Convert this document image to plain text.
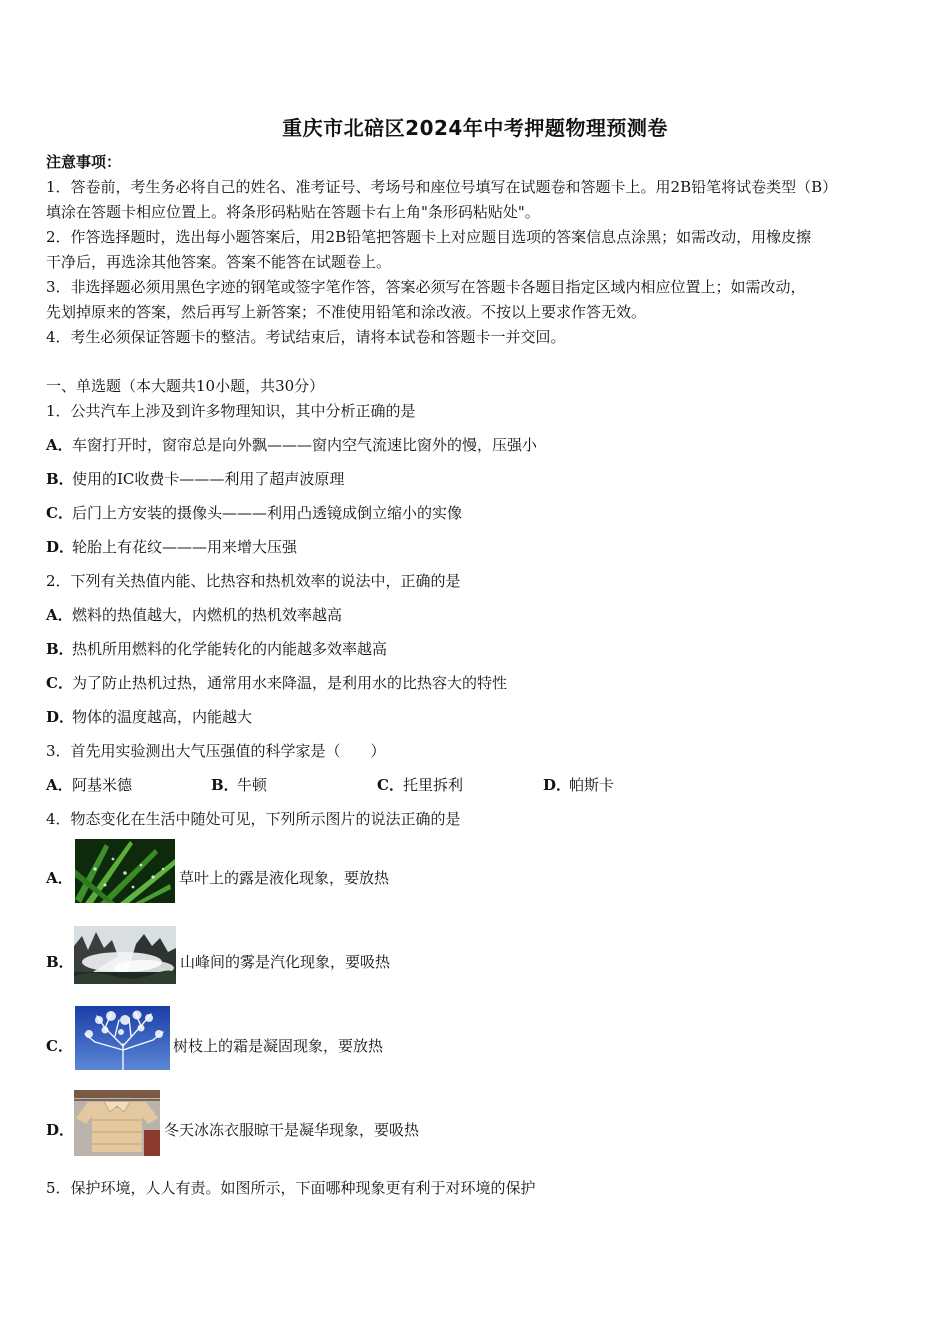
重庆市北碚区2024年中考押题物理预测卷
注意事项：
1．答卷前，考生务必将自己的姓名、准考证号、考场号和座位号填写在试题卷和答题卡上。用2B铅笔将试卷类型（B）
填涂在答题卡相应位置上。将条形码粘贴在答题卡右上角"条形码粘贴处"。
2．作答选择题时，选出每小题答案后，用2B铅笔把答题卡上对应题目选项的答案信息点涂黑；如需改动，用橡皮擦
干净后，再选涂其他答案。答案不能答在试题卷上。
3．非选择题必须用黑色字迹的钢笔或签字笔作答，答案必须写在答题卡各题目指定区域内相应位置上；如需改动，
先划掉原来的答案，然后再写上新答案；不准使用铅笔和涂改液。不按以上要求作答无效。
4．考生必须保证答题卡的整洁。考试结束后，请将本试卷和答题卡一并交回。
一、单选题（本大题共10小题，共30分）
1．公共汽车上涉及到许多物理知识，其中分析正确的是
A．车窗打开时，窗帘总是向外飘———窗内空气流速比窗外的慢，压强小
B．使用的IC收费卡———利用了超声波原理
C．后门上方安装的摄像头———利用凸透镜成倒立缩小的实像
D．轮胎上有花纹———用来增大压强
2．下列有关热值内能、比热容和热机效率的说法中，正确的是
A．燃料的热值越大，内燃机的热机效率越高
B．热机所用燃料的化学能转化的内能越多效率越高
C．为了防止热机过热，通常用水来降温，是利用水的比热容大的特性
D．物体的温度越高，内能越大
3．首先用实验测出大气压强值的科学家是（　　）
A．阿基米德	B．牛顿	C．托里拆利	D．帕斯卡
4．物态变化在生活中随处可见，下列所示图片的说法正确的是
A．	草叶上的露是液化现象，要放热
B．	山峰间的雾是汽化现象，要吸热
C．	树枝上的霜是凝固现象，要放热
D．	冬天冰冻衣服晾干是凝华现象，要吸热
5．保护环境，人人有责。如图所示，下面哪种现象更有利于对环境的保护
